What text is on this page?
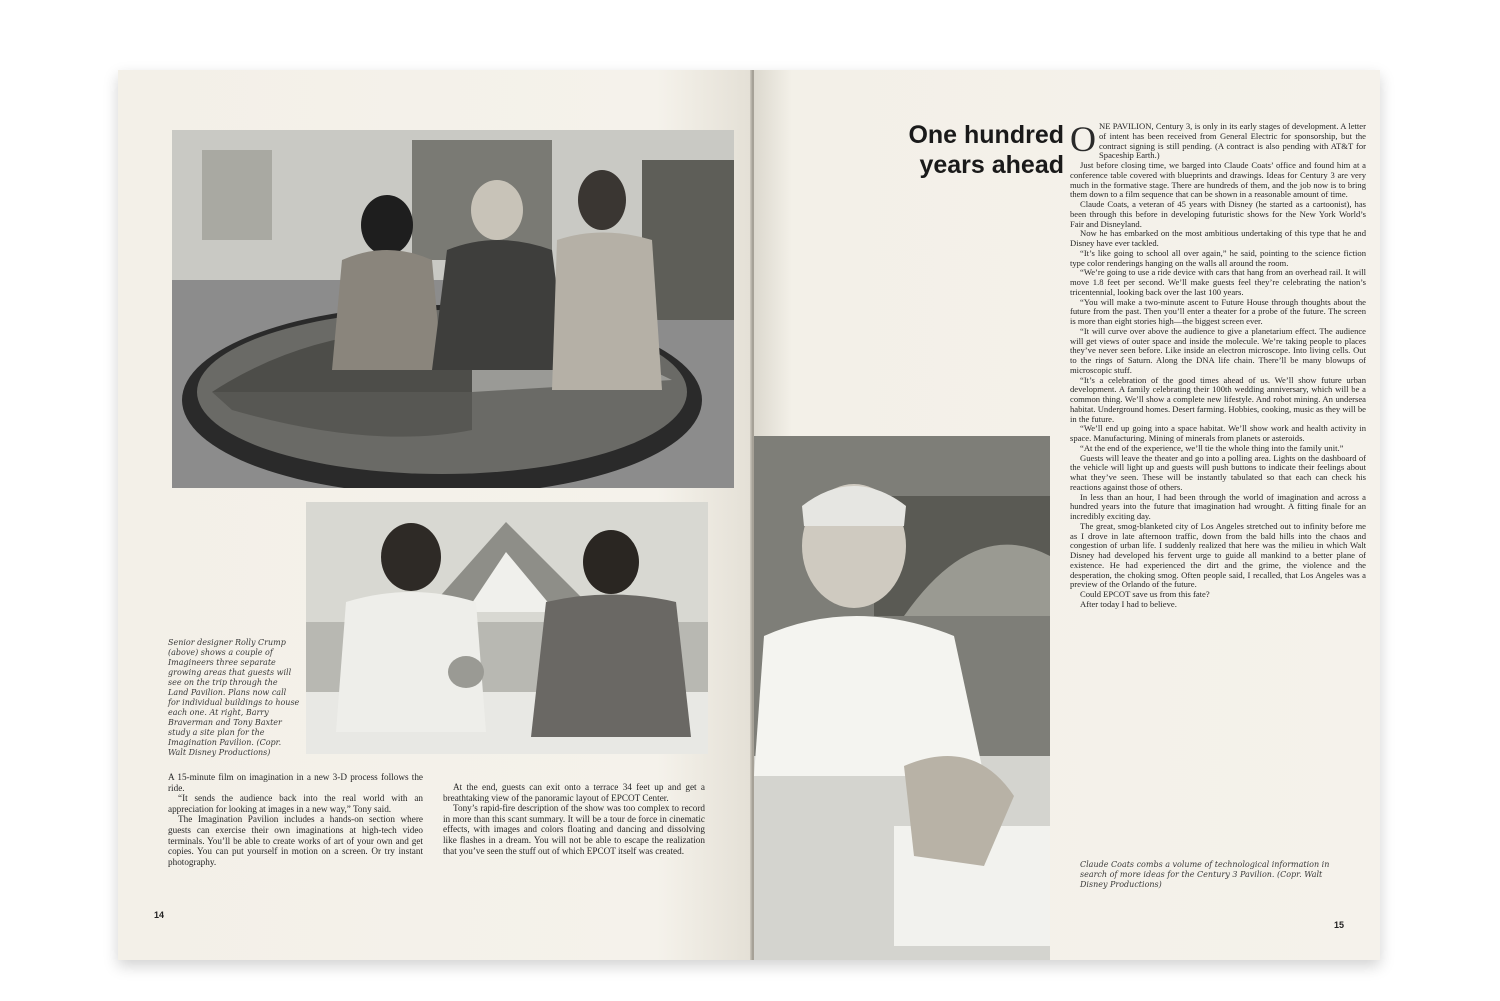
Senior designer Rolly Crump (above) shows a couple of Imagineers three separate growing areas that guests will see on the trip through the Land Pavilion. Plans now call for individual buildings to house each one. At right, Barry Braverman and Tony Baxter study a site plan for the Imagination Pavilion. (Copr. Walt Disney Productions)

A 15-minute film on imagination in a new 3-D process follows the ride.

“It sends the audience back into the real world with an appreciation for looking at images in a new way,” Tony said.

The Imagination Pavilion includes a hands-on section where guests can exercise their own imaginations at high-tech video terminals. You’ll be able to create works of art of your own and get copies. You can put yourself in motion on a screen. Or try instant photography.

At the end, guests can exit onto a terrace 34 feet up and get a breathtaking view of the panoramic layout of EPCOT Center.

Tony’s rapid-fire description of the show was too complex to record in more than this scant summary. It will be a tour de force in cinematic effects, with images and colors floating and dancing and dissolving like flashes in a dream. You will not be able to escape the realization that you’ve seen the stuff out of which EPCOT itself was created.

14
One hundred
years ahead

ONE PAVILION, Century 3, is only in its early stages of development. A letter of intent has been received from General Electric for sponsorship, but the contract signing is still pending. (A contract is also pending with AT&T for Spaceship Earth.)

Just before closing time, we barged into Claude Coats’ office and found him at a conference table covered with blueprints and drawings. Ideas for Century 3 are very much in the formative stage. There are hundreds of them, and the job now is to bring them down to a film sequence that can be shown in a reasonable amount of time.

Claude Coats, a veteran of 45 years with Disney (he started as a cartoonist), has been through this before in developing futuristic shows for the New York World’s Fair and Disneyland.

Now he has embarked on the most ambitious undertaking of this type that he and Disney have ever tackled.

“It’s like going to school all over again,” he said, pointing to the science fiction type color renderings hanging on the walls all around the room.

“We’re going to use a ride device with cars that hang from an overhead rail. It will move 1.8 feet per second. We’ll make guests feel they’re celebrating the nation’s tricentennial, looking back over the last 100 years.

“You will make a two-minute ascent to Future House through thoughts about the future from the past. Then you’ll enter a theater for a probe of the future. The screen is more than eight stories high—the biggest screen ever.

“It will curve over above the audience to give a planetarium effect. The audience will get views of outer space and inside the molecule. We’re taking people to places they’ve never seen before. Like inside an electron microscope. Into living cells. Out to the rings of Saturn. Along the DNA life chain. There’ll be many blowups of microscopic stuff.

“It’s a celebration of the good times ahead of us. We’ll show future urban development. A family celebrating their 100th wedding anniversary, which will be a common thing. We’ll show a complete new lifestyle. And robot mining. An undersea habitat. Underground homes. Desert farming. Hobbies, cooking, music as they will be in the future.

“We’ll end up going into a space habitat. We’ll show work and health activity in space. Manufacturing. Mining of minerals from planets or asteroids.

“At the end of the experience, we’ll tie the whole thing into the family unit.”

Guests will leave the theater and go into a polling area. Lights on the dashboard of the vehicle will light up and guests will push buttons to indicate their feelings about what they’ve seen. These will be instantly tabulated so that each can check his reactions against those of others.

In less than an hour, I had been through the world of imagination and across a hundred years into the future that imagination had wrought. A fitting finale for an incredibly exciting day.

The great, smog-blanketed city of Los Angeles stretched out to infinity before me as I drove in late afternoon traffic, down from the bald hills into the chaos and congestion of urban life. I suddenly realized that here was the milieu in which Walt Disney had developed his fervent urge to guide all mankind to a better plane of existence. He had experienced the dirt and the grime, the violence and the desperation, the choking smog. Often people said, I recalled, that Los Angeles was a preview of the Orlando of the future.

Could EPCOT save us from this fate?

After today I had to believe.

Claude Coats combs a volume of technological information in search of more ideas for the Century 3 Pavilion. (Copr. Walt Disney Productions)
15
